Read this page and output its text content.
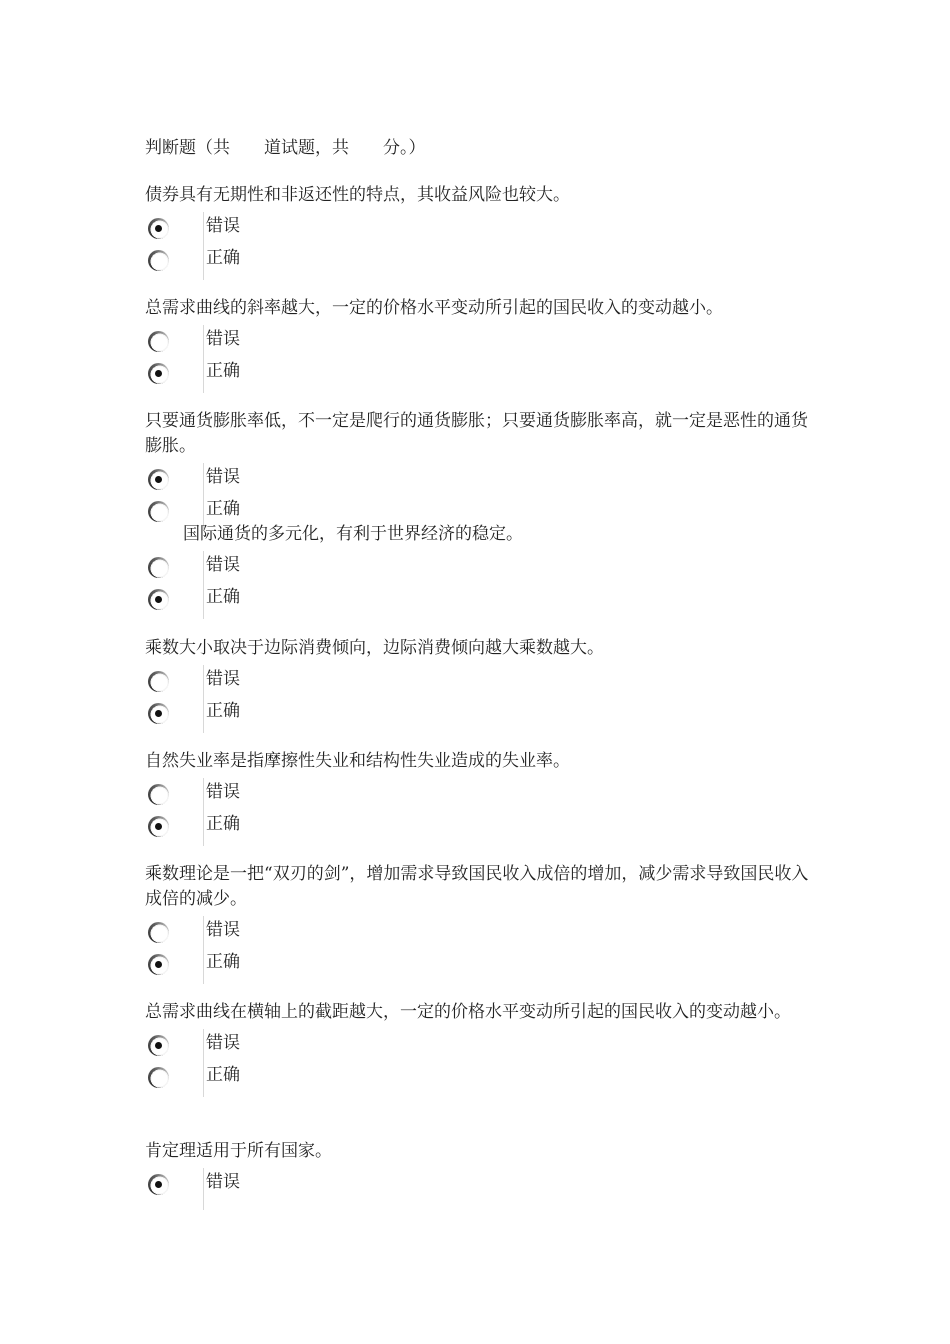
判断题（共　　道试题，共　　分。）

债券具有无期性和非返还性的特点，其收益风险也较大。

错误
正确

总需求曲线的斜率越大，一定的价格水平变动所引起的国民收入的变动越小。

错误
正确

只要通货膨胀率低，不一定是爬行的通货膨胀；只要通货膨胀率高，就一定是恶性的通货膨胀。

错误
正确

国际通货的多元化，有利于世界经济的稳定。

错误
正确

乘数大小取决于边际消费倾向，边际消费倾向越大乘数越大。

错误
正确

自然失业率是指摩擦性失业和结构性失业造成的失业率。

错误
正确

乘数理论是一把“双刃的剑”，增加需求导致国民收入成倍的增加，减少需求导致国民收入成倍的减少。

错误
正确

总需求曲线在横轴上的截距越大，一定的价格水平变动所引起的国民收入的变动越小。

错误
正确

肯定理适用于所有国家。

错误
